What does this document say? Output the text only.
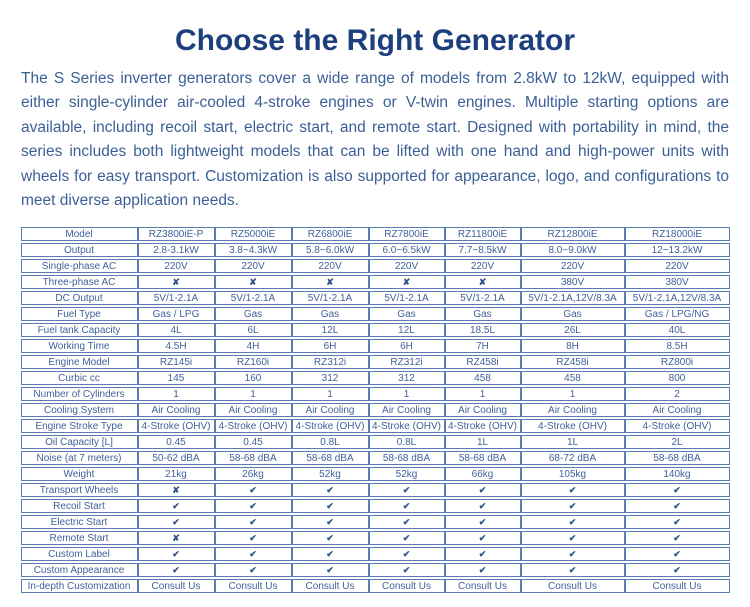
Choose the Right Generator

The S Series inverter generators cover a wide range of models from 2.8kW to 12kW, equipped with either single-cylinder air-cooled 4-stroke engines or V-twin engines. Multiple starting options are available, including recoil start, electric start, and remote start. Designed with portability in mind, the series includes both lightweight models that can be lifted with one hand and high-power units with wheels for easy transport. Customization is also supported for appearance, logo, and configurations to meet diverse application needs.

Model	RZ3800iE-P	RZ5000iE	RZ6800iE	RZ7800iE	RZ11800iE	RZ12800iE	RZ18000iE
Output	2.8-3.1kW	3.8~4.3kW	5.8~6.0kW	6.0~6.5kW	7.7~8.5kW	8.0~9.0kW	12~13.2kW
Single-phase AC	220V	220V	220V	220V	220V	220V	220V
Three-phase AC	✘	✘	✘	✘	✘	380V	380V
DC Output	5V/1-2.1A	5V/1-2.1A	5V/1-2.1A	5V/1-2.1A	5V/1-2.1A	5V/1-2.1A,12V/8.3A	5V/1-2.1A,12V/8.3A
Fuel Type	Gas / LPG	Gas	Gas	Gas	Gas	Gas	Gas / LPG/NG
Fuel tank Capacity	4L	6L	12L	12L	18.5L	26L	40L
Working Time	4.5H	4H	6H	6H	7H	8H	8.5H
Engine Model	RZ145i	RZ160i	RZ312i	RZ312i	RZ458i	RZ458i	RZ800i
Curbic cc	145	160	312	312	458	458	800
Number of Cylinders	1	1	1	1	1	1	2
Cooling System	Air Cooling	Air Cooling	Air Cooling	Air Cooling	Air Cooling	Air Cooling	Air Cooling
Engine Stroke Type	4-Stroke (OHV)	4-Stroke (OHV)	4-Stroke (OHV)	4-Stroke (OHV)	4-Stroke (OHV)	4-Stroke (OHV)	4-Stroke (OHV)
Oil Capacity [L]	0.45	0.45	0.8L	0.8L	1L	1L	2L
Noise (at 7 meters)	50-62 dBA	58-68 dBA	58-68 dBA	58-68 dBA	58-68 dBA	68-72 dBA	58-68 dBA
Weight	21kg	26kg	52kg	52kg	66kg	105kg	140kg
Transport Wheels	✘	✔	✔	✔	✔	✔	✔
Recoil Start	✔	✔	✔	✔	✔	✔	✔
Electric Start	✔	✔	✔	✔	✔	✔	✔
Remote Start	✘	✔	✔	✔	✔	✔	✔
Custom Label	✔	✔	✔	✔	✔	✔	✔
Custom Appearance	✔	✔	✔	✔	✔	✔	✔
In-depth Customization	Consult Us	Consult Us	Consult Us	Consult Us	Consult Us	Consult Us	Consult Us
